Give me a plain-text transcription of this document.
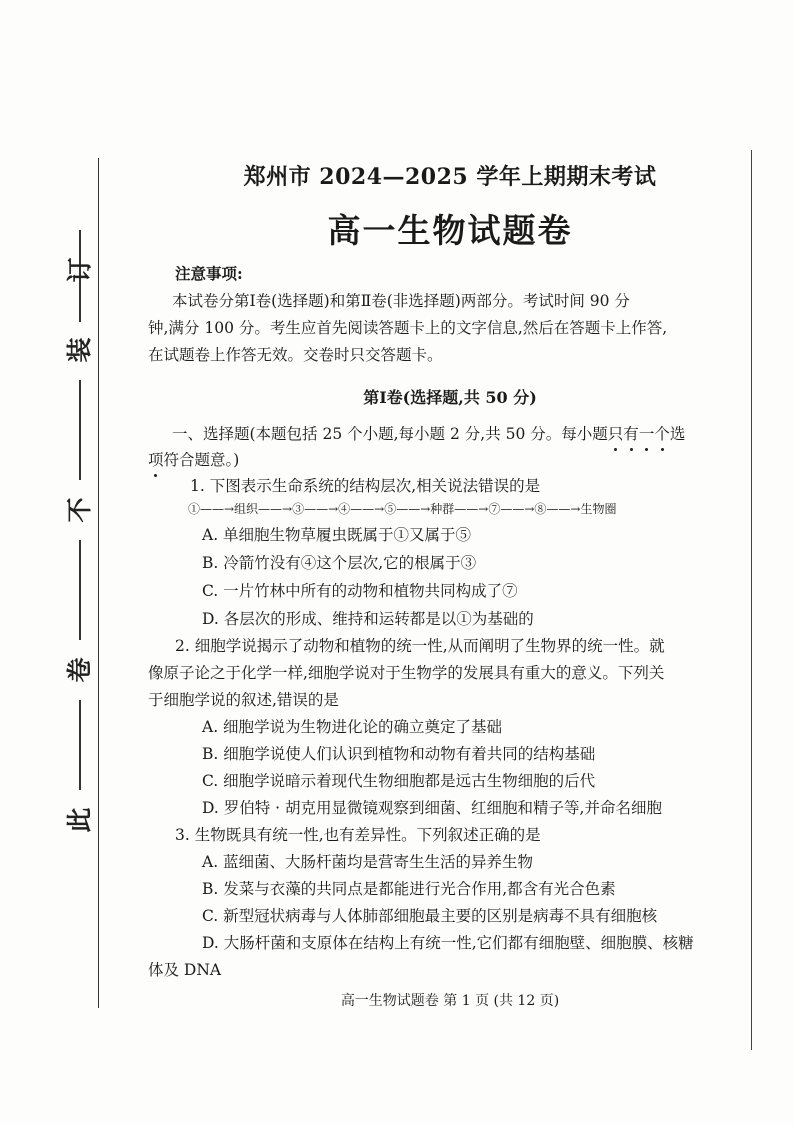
此
卷
不
装
订
郑州市 2024—2025 学年上期期末考试
高一生物试题卷
注意事项:
本试卷分第Ⅰ卷(选择题)和第Ⅱ卷(非选择题)两部分。考试时间 90 分
钟,满分 100 分。考生应首先阅读答题卡上的文字信息,然后在答题卡上作答,
在试题卷上作答无效。交卷时只交答题卡。
第Ⅰ卷(选择题,共 50 分)
一、选择题(本题包括 25 个小题,每小题 2 分,共 50 分。每小题只有一个选
项符合题意。)
1. 下图表示生命系统的结构层次,相关说法错误的是
①——→组织——→③——→④——→⑤——→种群——→⑦——→⑧——→生物圈
A. 单细胞生物草履虫既属于①又属于⑤
B. 冷箭竹没有④这个层次,它的根属于③
C. 一片竹林中所有的动物和植物共同构成了⑦
D. 各层次的形成、维持和运转都是以①为基础的
2. 细胞学说揭示了动物和植物的统一性,从而阐明了生物界的统一性。就
像原子论之于化学一样,细胞学说对于生物学的发展具有重大的意义。下列关
于细胞学说的叙述,错误的是
A. 细胞学说为生物进化论的确立奠定了基础
B. 细胞学说使人们认识到植物和动物有着共同的结构基础
C. 细胞学说暗示着现代生物细胞都是远古生物细胞的后代
D. 罗伯特 · 胡克用显微镜观察到细菌、红细胞和精子等,并命名细胞
3. 生物既具有统一性,也有差异性。下列叙述正确的是
A. 蓝细菌、大肠杆菌均是营寄生生活的异养生物
B. 发菜与衣藻的共同点是都能进行光合作用,都含有光合色素
C. 新型冠状病毒与人体肺部细胞最主要的区别是病毒不具有细胞核
D. 大肠杆菌和支原体在结构上有统一性,它们都有细胞壁、细胞膜、核糖
体及 DNA
高一生物试题卷 第 1 页 (共 12 页)
